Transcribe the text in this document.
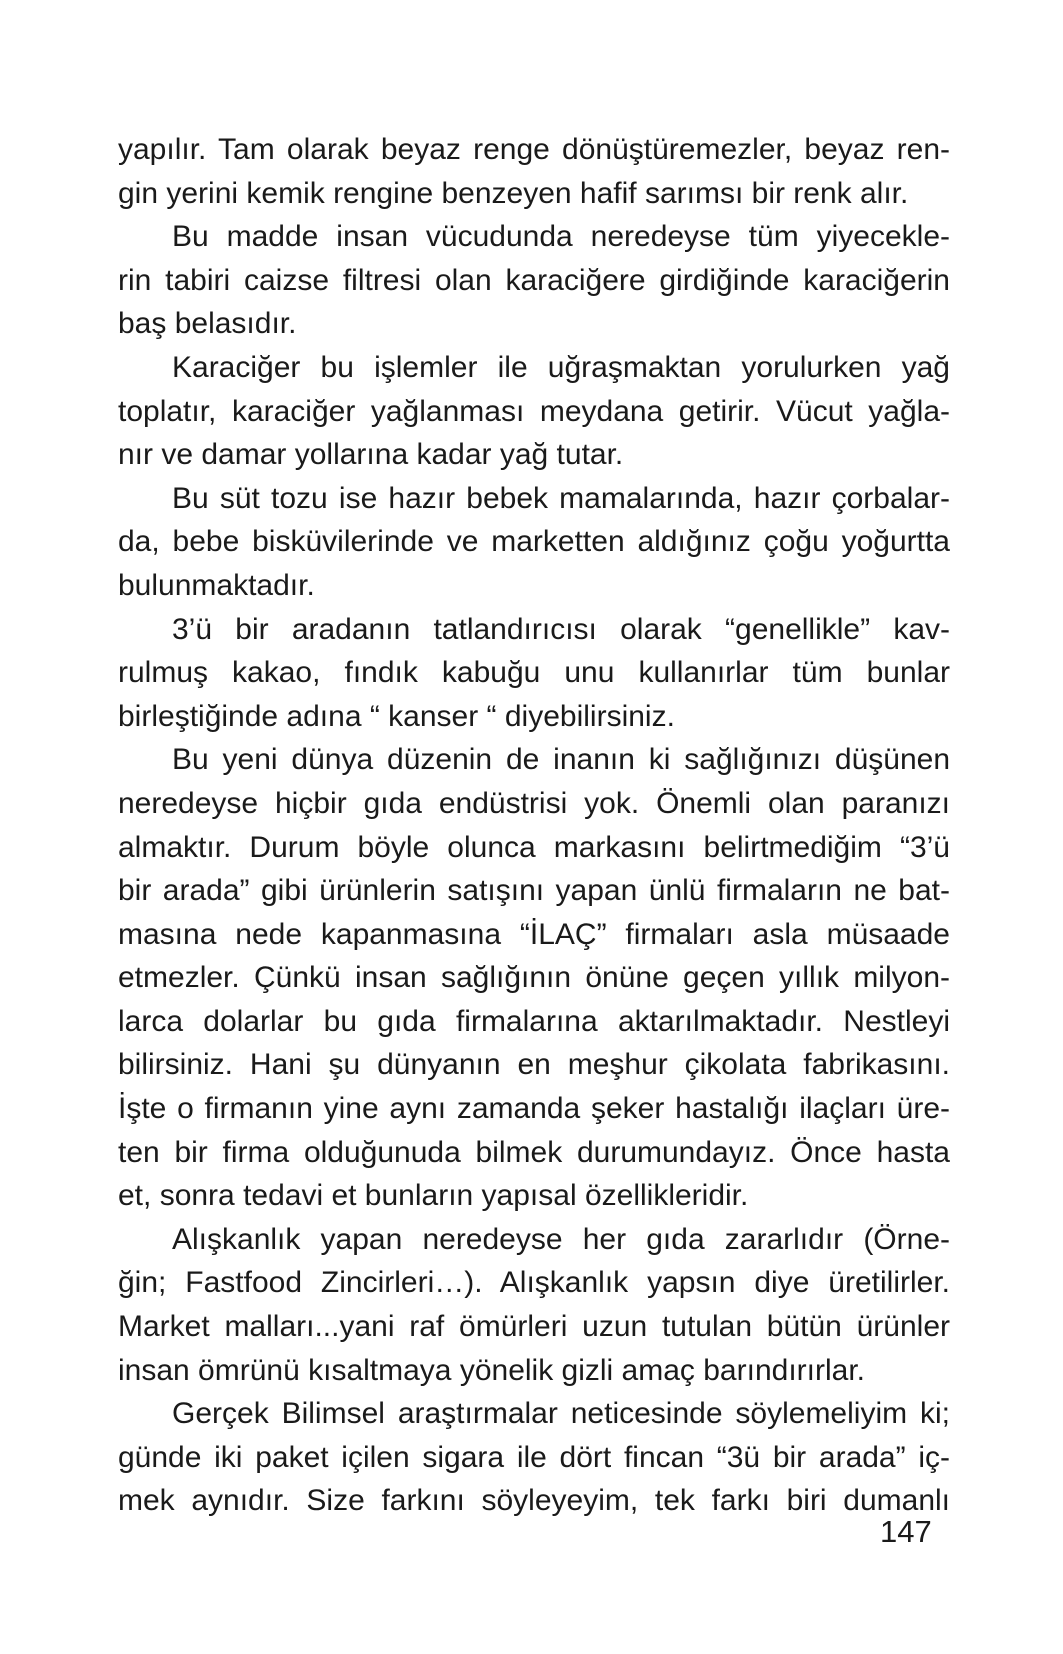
yapılır. Tam olarak beyaz renge dönüştüremezler, beyaz ren-
gin yerini kemik rengine benzeyen hafif sarımsı bir renk alır.
Bu madde insan vücudunda neredeyse tüm yiyecekle-
rin tabiri caizse filtresi olan karaciğere girdiğinde karaciğerin
baş belasıdır.
Karaciğer bu işlemler ile uğraşmaktan yorulurken yağ
toplatır, karaciğer yağlanması meydana getirir. Vücut yağla-
nır ve damar yollarına kadar yağ tutar.
Bu süt tozu ise hazır bebek mamalarında, hazır çorbalar-
da, bebe bisküvilerinde ve marketten aldığınız çoğu yoğurtta
bulunmaktadır.
3’ü bir aradanın tatlandırıcısı olarak “genellikle” kav-
rulmuş kakao, fındık kabuğu unu kullanırlar tüm bunlar
birleştiğinde adına “ kanser “ diyebilirsiniz.
Bu yeni dünya düzenin de inanın ki sağlığınızı düşünen
neredeyse hiçbir gıda endüstrisi yok. Önemli olan paranızı
almaktır. Durum böyle olunca markasını belirtmediğim “3’ü
bir arada” gibi ürünlerin satışını yapan ünlü firmaların ne bat-
masına nede kapanmasına “İLAÇ” firmaları asla müsaade
etmezler. Çünkü insan sağlığının önüne geçen yıllık milyon-
larca dolarlar bu gıda firmalarına aktarılmaktadır. Nestleyi
bilirsiniz. Hani şu dünyanın en meşhur çikolata fabrikasını.
İşte o firmanın yine aynı zamanda şeker hastalığı ilaçları üre-
ten bir firma olduğunuda bilmek durumundayız. Önce hasta
et, sonra tedavi et bunların yapısal özellikleridir.
Alışkanlık yapan neredeyse her gıda zararlıdır (Örne-
ğin; Fastfood Zincirleri…). Alışkanlık yapsın diye üretilirler.
Market malları...yani raf ömürleri uzun tutulan bütün ürünler
insan ömrünü kısaltmaya yönelik gizli amaç barındırırlar.
Gerçek Bilimsel araştırmalar neticesinde söylemeliyim ki;
günde iki paket içilen sigara ile dört fincan “3ü bir arada” iç-
mek aynıdır. Size farkını söyleyeyim, tek farkı biri dumanlı
147
